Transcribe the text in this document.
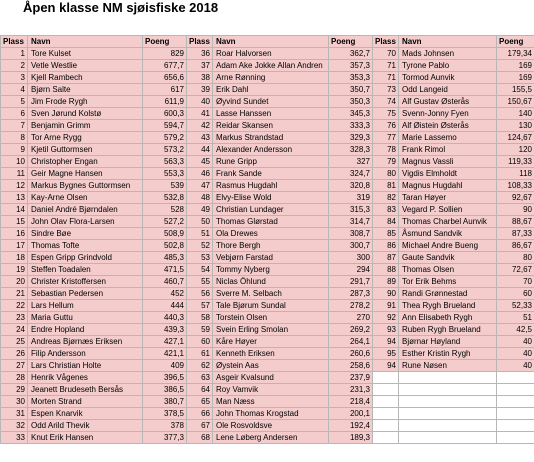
Åpen klasse NM sjøisfiske 2018
Plass	Navn	Poeng
1	Tore Kulset	829
2	Vetle Westlie	677,7
3	Kjell Rambech	656,6
4	Bjørn Salte	617
5	Jim Frode Rygh	611,9
6	Sven Jørund Kolstø	600,3
7	Benjamin Grimm	594,7
8	Tor Arne Rygg	579,2
9	Kjetil Guttormsen	573,2
10	Christopher Engan	563,3
11	Geir Magne Hansen	553,3
12	Markus Bygnes Guttormsen	539
13	Kay-Arne Olsen	532,8
14	Daniel André Bjørndalen	528
15	John Olav Flora-Larsen	527,2
16	Sindre Bøe	508,9
17	Thomas Tofte	502,8
18	Espen Gripp Grindvold	485,3
19	Steffen Toadalen	471,5
20	Christer Kristoffersen	460,7
21	Sebastian Pedersen	452
22	Lars Hellum	444
23	Maria Guttu	440,3
24	Endre Hopland	439,3
25	Andreas Bjørnæs Eriksen	427,1
26	Filip Andersson	421,1
27	Lars Christian Holte	409
28	Henrik Vågenes	396,5
29	Jeanett Brudeseth Bersås	386,5
30	Morten Strand	380,7
31	Espen Knarvik	378,5
32	Odd Arild Thevik	378
33	Knut Erik Hansen	377,3
Plass	Navn	Poeng
36	Roar Halvorsen	362,7
37	Adam Ake Jokke Allan Andren	357,3
38	Arne Rønning	353,3
39	Erik Dahl	350,7
40	Øyvind Sundet	350,3
41	Lasse Hanssen	345,3
42	Reidar Skansen	333,3
43	Markus Strandstad	329,3
44	Alexander Andersson	328,3
45	Rune Gripp	327
46	Frank Sande	324,7
47	Rasmus Hugdahl	320,8
48	Elvy-Elise Wold	319
49	Christian Lundager	315,3
50	Thomas Glørstad	314,7
51	Ola Drewes	308,7
52	Thore Bergh	300,7
53	Vebjørn Farstad	300
54	Tommy Nyberg	294
55	Niclas Öhlund	291,7
56	Sverre M. Selbach	287,3
57	Tale Bjørum Sundal	278,2
58	Torstein Olsen	270
59	Svein Erling Smolan	269,2
60	Kåre Høyer	264,1
61	Kenneth Eriksen	260,6
62	Øystein Aas	258,6
63	Asgeir Kvalsund	237,9
64	Roy Vamvik	231,3
65	Man Næss	218,4
66	John Thomas Krogstad	200,1
67	Ole Rosvoldsve	192,4
68	Lene Løberg Andersen	189,3
Plass	Navn	Poeng
70	Mads Johnsen	179,34
71	Tyrone Pablo	169
71	Tormod Aunvik	169
73	Odd Langeid	155,5
74	Alf Gustav Østerås	150,67
75	Svenn-Jonny Fyen	140
76	Alf Øistein Østerås	130
77	Marie Lassemo	124,67
78	Frank Rimol	120
79	Magnus Vassli	119,33
80	Vigdis Elmholdt	118
81	Magnus Hugdahl	108,33
82	Taran Høyer	92,67
83	Vegard P. Sollien	90
84	Thomas Charbel Aunvik	88,67
85	Åsmund Sandvik	87,33
86	Michael Andre Bueng	86,67
87	Gaute Sandvik	80
88	Thomas Olsen	72,67
89	Tor Erik Behms	70
90	Randi Grønnestad	60
91	Thea Rygh Brueland	52,33
92	Ann Elisabeth Rygh	51
93	Ruben Rygh Brueland	42,5
94	Bjørnar Høyland	40
95	Esther Kristin Rygh	40
94	Rune Nøsen	40
